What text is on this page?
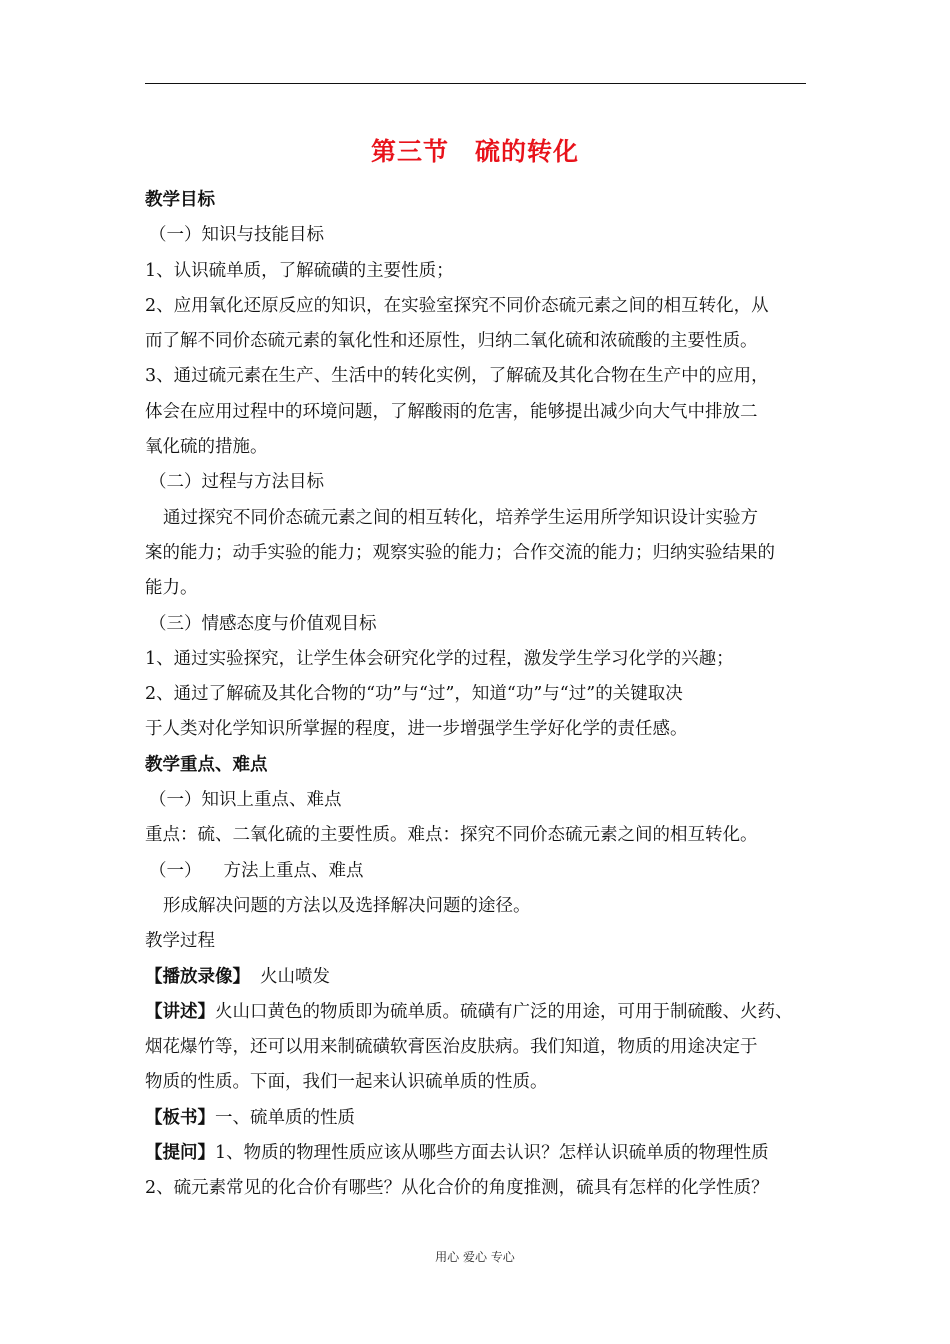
第三节 硫的转化
教学目标
（一）知识与技能目标
1、认识硫单质，了解硫磺的主要性质；
2、应用氧化还原反应的知识，在实验室探究不同价态硫元素之间的相互转化，从
而了解不同价态硫元素的氧化性和还原性，归纳二氧化硫和浓硫酸的主要性质。
3、通过硫元素在生产、生活中的转化实例，了解硫及其化合物在生产中的应用，
体会在应用过程中的环境问题，了解酸雨的危害，能够提出减少向大气中排放二
氧化硫的措施。
（二）过程与方法目标
通过探究不同价态硫元素之间的相互转化，培养学生运用所学知识设计实验方
案的能力；动手实验的能力；观察实验的能力；合作交流的能力；归纳实验结果的
能力。
（三）情感态度与价值观目标
1、通过实验探究，让学生体会研究化学的过程，激发学生学习化学的兴趣；
2、通过了解硫及其化合物的“功”与“过”，知道“功”与“过”的关键取决
于人类对化学知识所掌握的程度，进一步增强学生学好化学的责任感。
教学重点、难点
（一）知识上重点、难点
重点：硫、二氧化硫的主要性质。难点：探究不同价态硫元素之间的相互转化。
（一） 方法上重点、难点
形成解决问题的方法以及选择解决问题的途径。
教学过程
【播放录像】 火山喷发
【讲述】火山口黄色的物质即为硫单质。硫磺有广泛的用途，可用于制硫酸、火药、
烟花爆竹等，还可以用来制硫磺软膏医治皮肤病。我们知道，物质的用途决定于
物质的性质。下面，我们一起来认识硫单质的性质。
【板书】一、硫单质的性质
【提问】1、物质的物理性质应该从哪些方面去认识？怎样认识硫单质的物理性质
2、硫元素常见的化合价有哪些？从化合价的角度推测，硫具有怎样的化学性质？
用心 爱心 专心
